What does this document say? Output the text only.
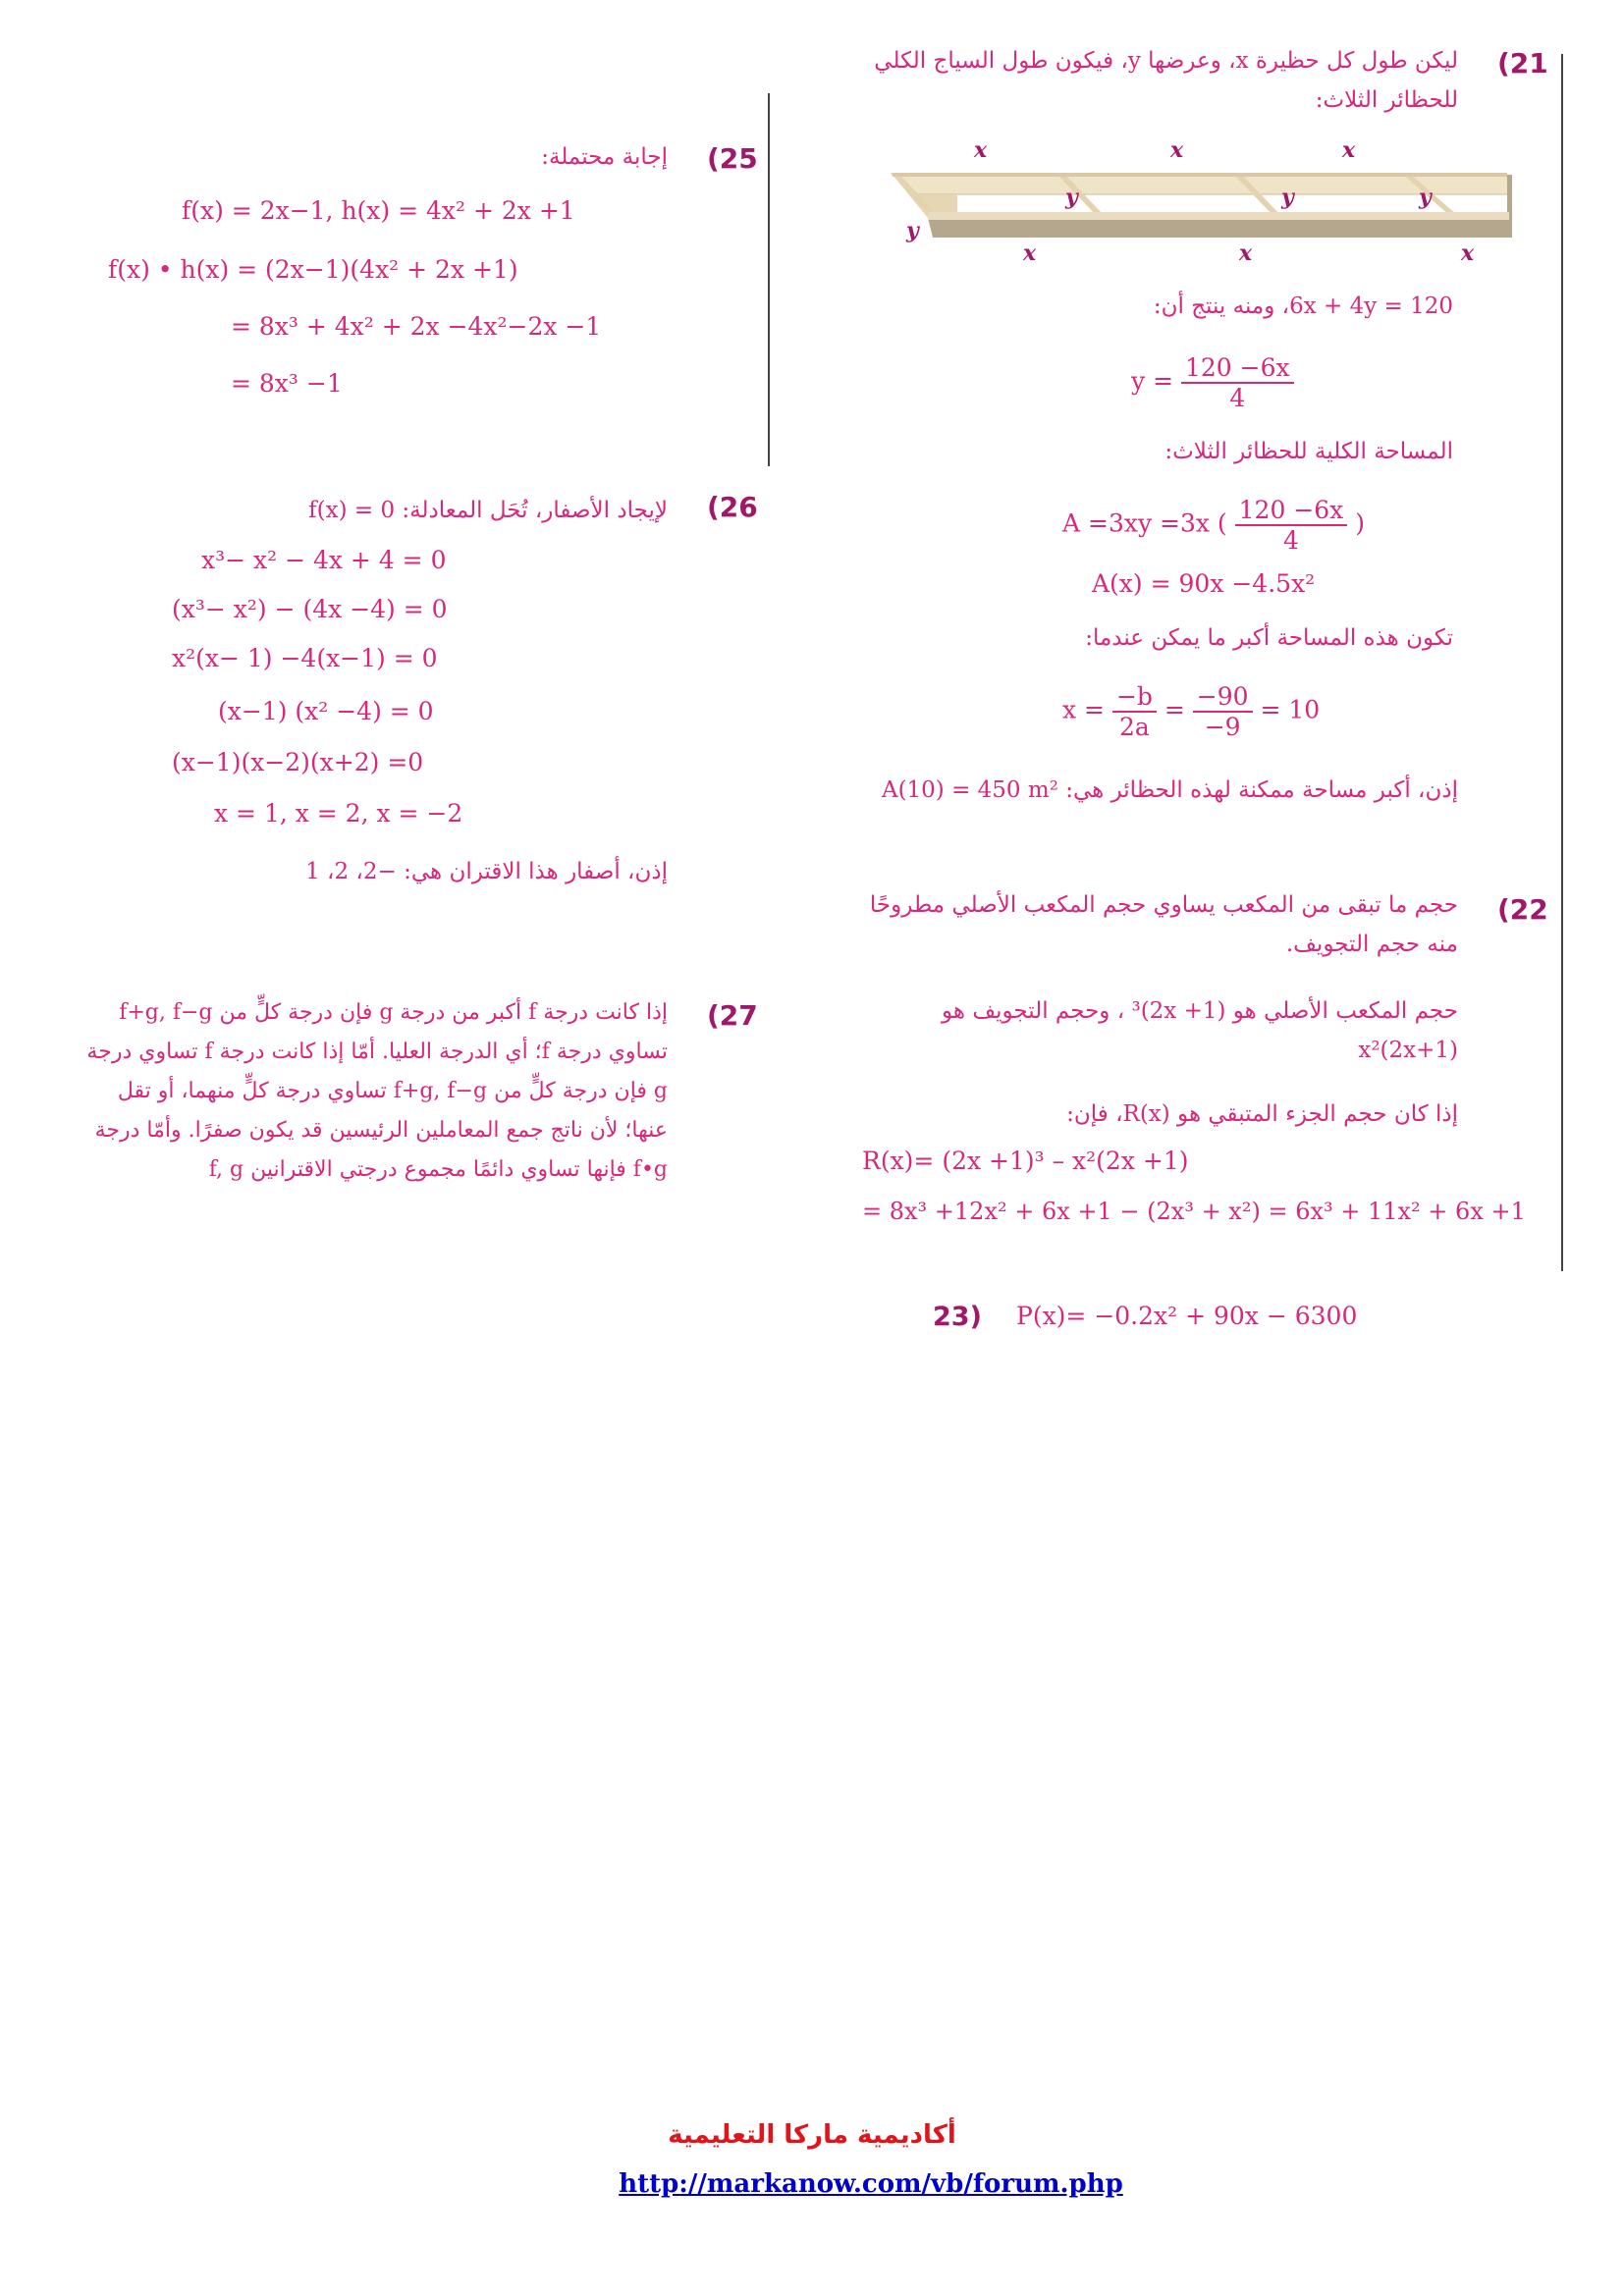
(21
ليكن طول كل حظيرة x، وعرضها y، فيكون طول السياج الكلي للحظائر الثلاث:
x	x	x
y	y	y
y
x	x	x
6x + 4y = 120، ومنه ينتج أن:
$y = \frac{120 -6x}{4}$
المساحة الكلية للحظائر الثلاث:
A =3xy =3x ( $\frac{120 -6x}{4}$ )
A(x) = 90x −4.5x²
تكون هذه المساحة أكبر ما يمكن عندما:
$x = \frac{-b}{2a} = \frac{-90}{-9} = 10$
إذن، أكبر مساحة ممكنة لهذه الحظائر هي: A(10) = 450 m²
(22
حجم ما تبقى من المكعب يساوي حجم المكعب الأصلي مطروحًا منه حجم التجويف.
حجم المكعب الأصلي هو (2x +1)³ ، وحجم التجويف هو x²(2x+1)
إذا كان حجم الجزء المتبقي هو R(x)، فإن:
R(x)= (2x +1)³ – x²(2x +1)
= 8x³ +12x² + 6x +1 − (2x³ + x²) = 6x³ + 11x² + 6x +1
23) P(x)= −0.2x² + 90x − 6300
(25
إجابة محتملة:
f(x) = 2x−1, h(x) = 4x² + 2x +1
f(x) • h(x) = (2x−1)(4x² + 2x +1)
= 8x³ + 4x² + 2x −4x²−2x −1
= 8x³ −1
(26
لإيجاد الأصفار، تُحَل المعادلة: f(x) = 0
x³− x² − 4x + 4 = 0
(x³− x²) − (4x −4) = 0
x²(x− 1) −4(x−1) = 0
(x−1) (x² −4) = 0
(x−1)(x−2)(x+2) =0
x = 1, x = 2, x = −2
إذن، أصفار هذا الاقتران هي: −2، 2، 1
(27
إذا كانت درجة f أكبر من درجة g فإن درجة كلٍّ من f+g, f−g تساوي درجة f؛ أي الدرجة العليا. أمّا إذا كانت درجة f تساوي درجة g فإن درجة كلٍّ من f+g, f−g تساوي درجة كلٍّ منهما، أو تقل عنها؛ لأن ناتج جمع المعاملين الرئيسين قد يكون صفرًا. وأمّا درجة f•g فإنها تساوي دائمًا مجموع درجتي الاقترانين f, g
أكاديمية ماركا التعليمية
http://markanow.com/vb/forum.php
